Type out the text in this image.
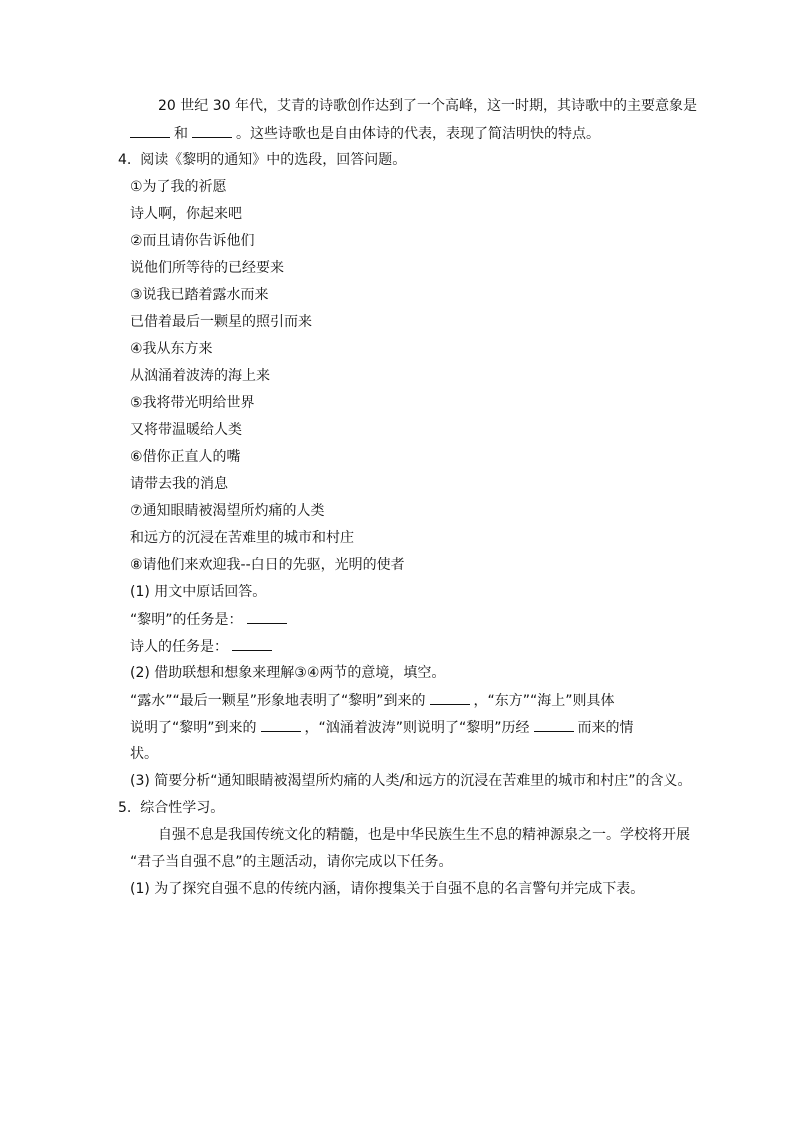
20 世纪 30 年代，艾青的诗歌创作达到了一个高峰，这一时期，其诗歌中的主要意象是
和	。这些诗歌也是自由体诗的代表，表现了简洁明快的特点。
4. 阅读《黎明的通知》中的选段，回答问题。
①为了我的祈愿
诗人啊，你起来吧
②而且请你告诉他们
说他们所等待的已经要来
③说我已踏着露水而来
已借着最后一颗星的照引而来
④我从东方来
从汹涌着波涛的海上来
⑤我将带光明给世界
又将带温暖给人类
⑥借你正直人的嘴
请带去我的消息
⑦通知眼睛被渴望所灼痛的人类
和远方的沉浸在苦难里的城市和村庄
⑧请他们来欢迎我--白日的先驱，光明的使者
(1) 用文中原话回答。
“黎明”的任务是：
诗人的任务是：
(2) 借助联想和想象来理解③④两节的意境，填空。
“露水”“最后一颗星”形象地表明了“黎明”到来的	，“东方”“海上”则具体
说明了“黎明”到来的	，“汹涌着波涛”则说明了“黎明”历经	而来的情
状。
(3) 简要分析“通知眼睛被渴望所灼痛的人类/和远方的沉浸在苦难里的城市和村庄”的含义。
5. 综合性学习。
自强不息是我国传统文化的精髓，也是中华民族生生不息的精神源泉之一。学校将开展
“君子当自强不息”的主题活动，请你完成以下任务。
(1) 为了探究自强不息的传统内涵，请你搜集关于自强不息的名言警句并完成下表。
